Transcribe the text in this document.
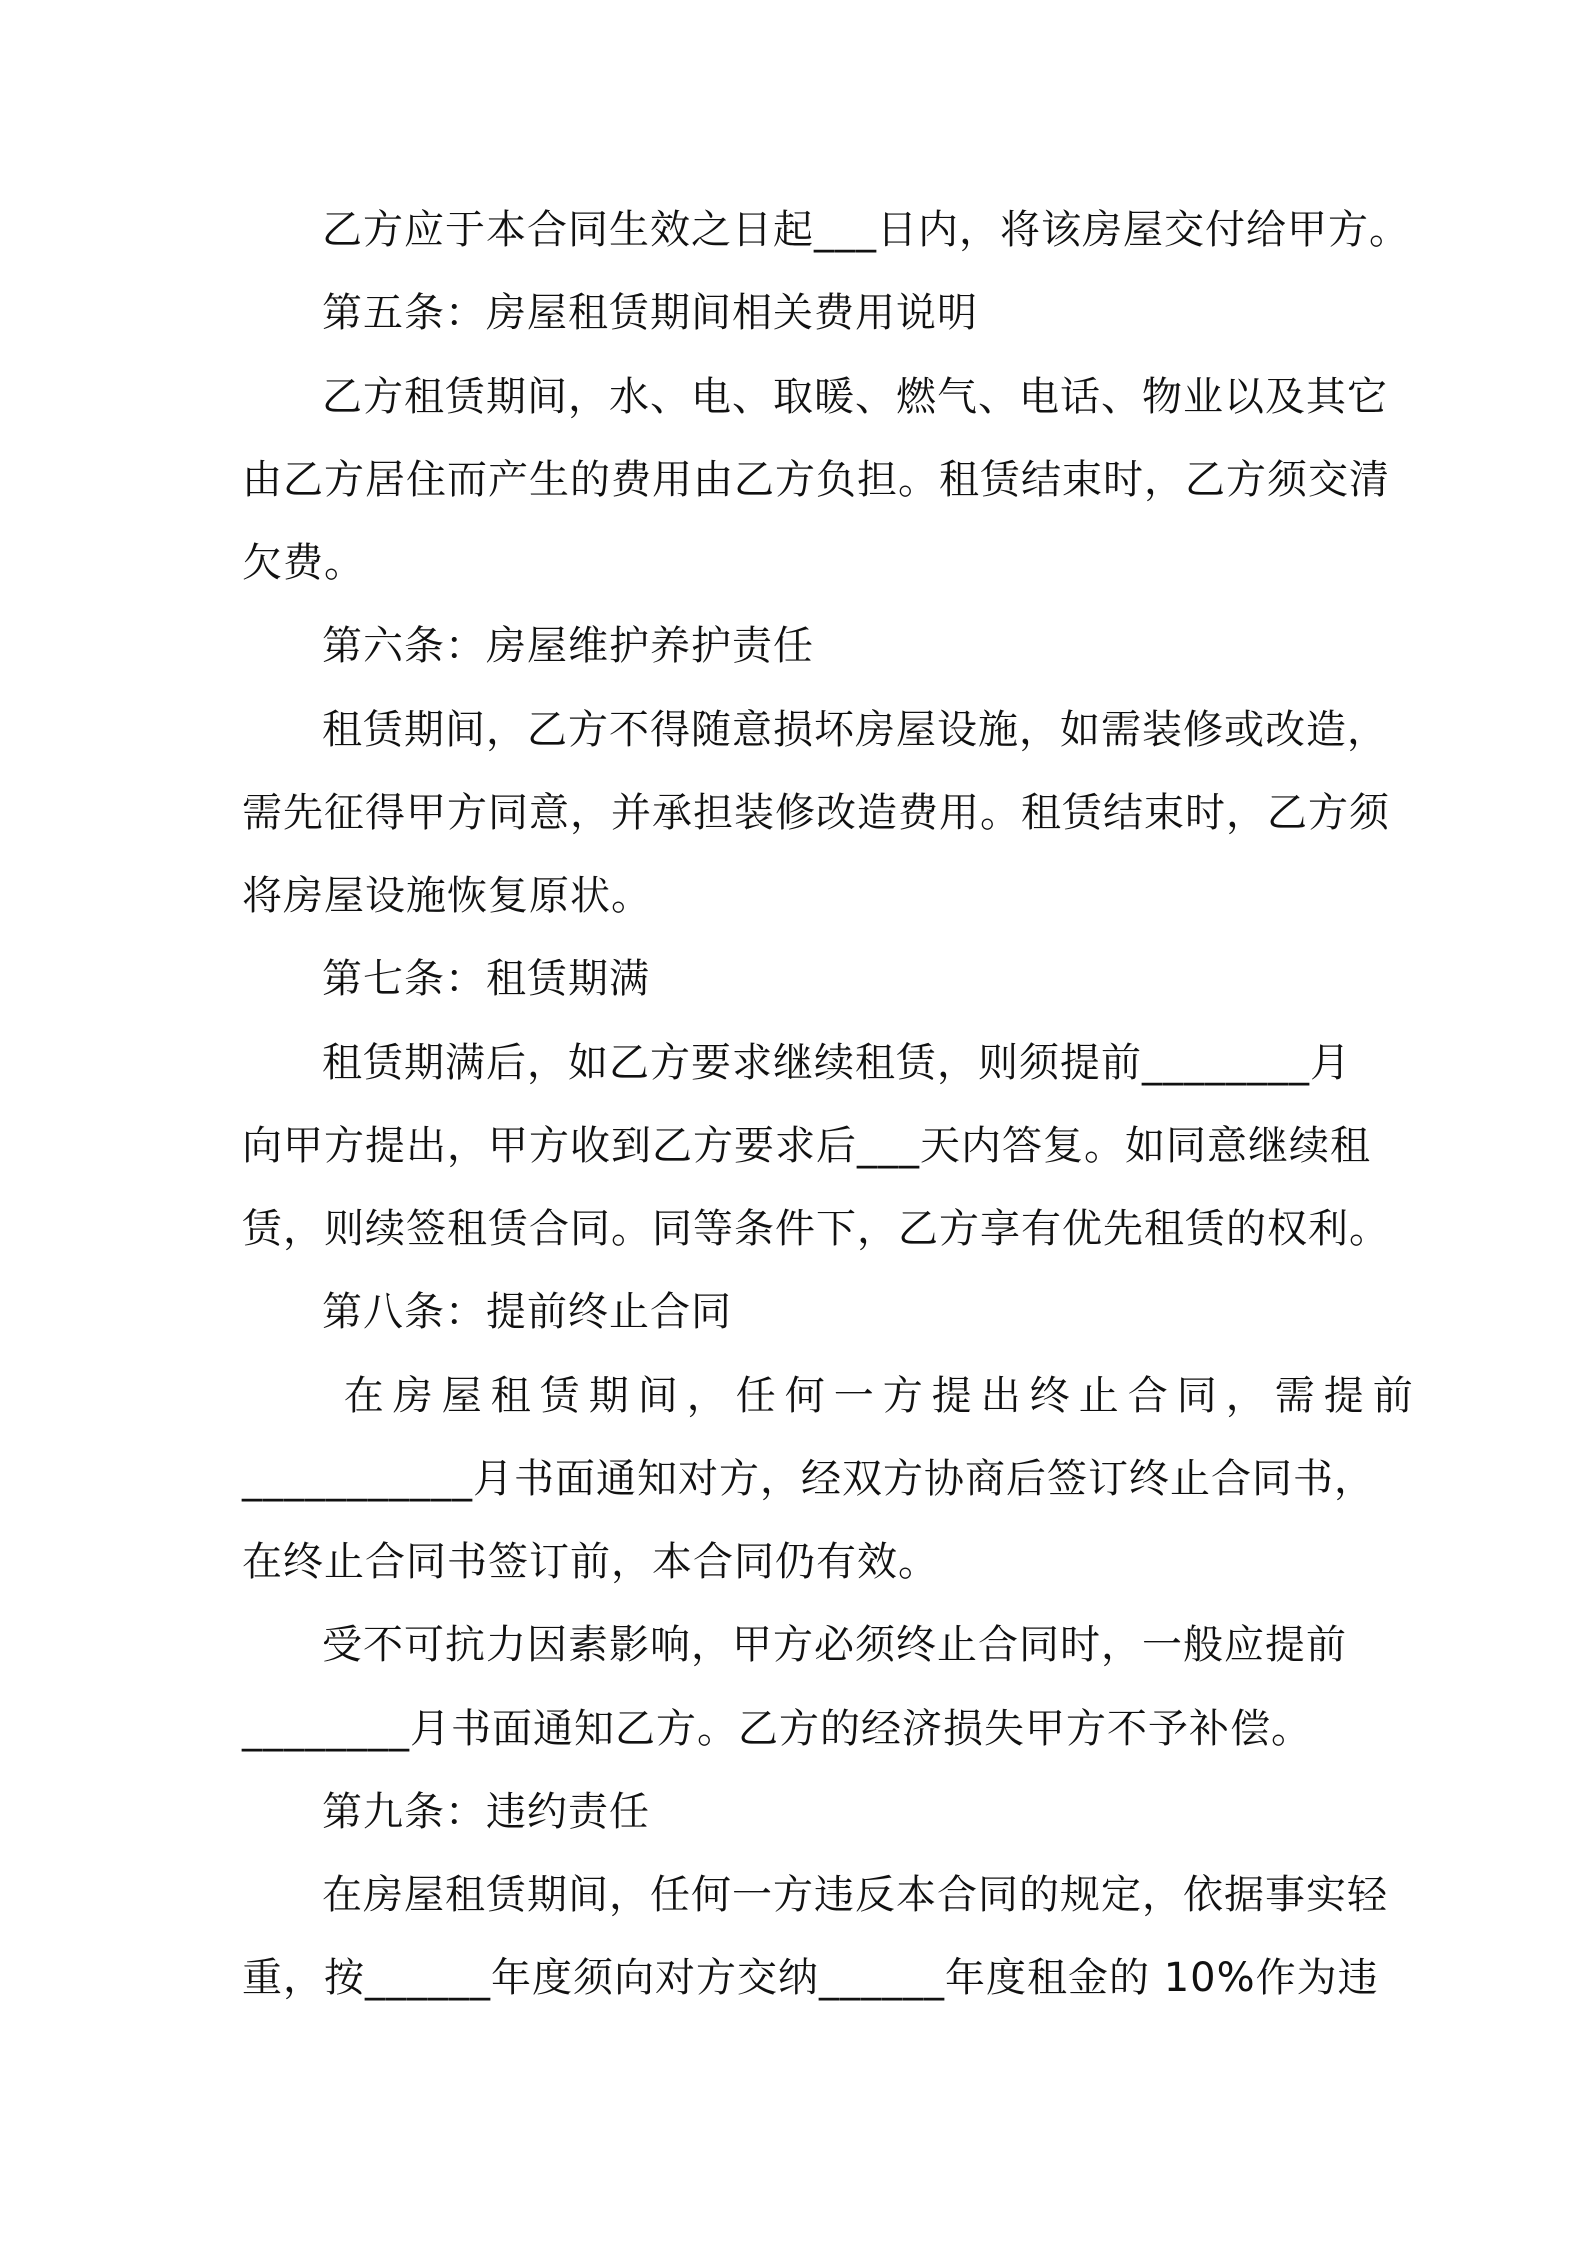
乙方应于本合同生效之日起___日内，将该房屋交付给甲方。
第五条：房屋租赁期间相关费用说明
乙方租赁期间，水、电、取暖、燃气、电话、物业以及其它
由乙方居住而产生的费用由乙方负担。租赁结束时，乙方须交清
欠费。
第六条：房屋维护养护责任
租赁期间，乙方不得随意损坏房屋设施，如需装修或改造，
需先征得甲方同意，并承担装修改造费用。租赁结束时，乙方须
将房屋设施恢复原状。
第七条：租赁期满
租赁期满后，如乙方要求继续租赁，则须提前________月
向甲方提出，甲方收到乙方要求后___天内答复。如同意继续租
赁，则续签租赁合同。同等条件下，乙方享有优先租赁的权利。
第八条：提前终止合同
在房屋租赁期间，任何一方提出终止合同，需提前
___________月书面通知对方，经双方协商后签订终止合同书，
在终止合同书签订前，本合同仍有效。
受不可抗力因素影响，甲方必须终止合同时，一般应提前
________月书面通知乙方。乙方的经济损失甲方不予补偿。
第九条：违约责任
在房屋租赁期间，任何一方违反本合同的规定，依据事实轻
重，按______年度须向对方交纳______年度租金的 10%作为违
